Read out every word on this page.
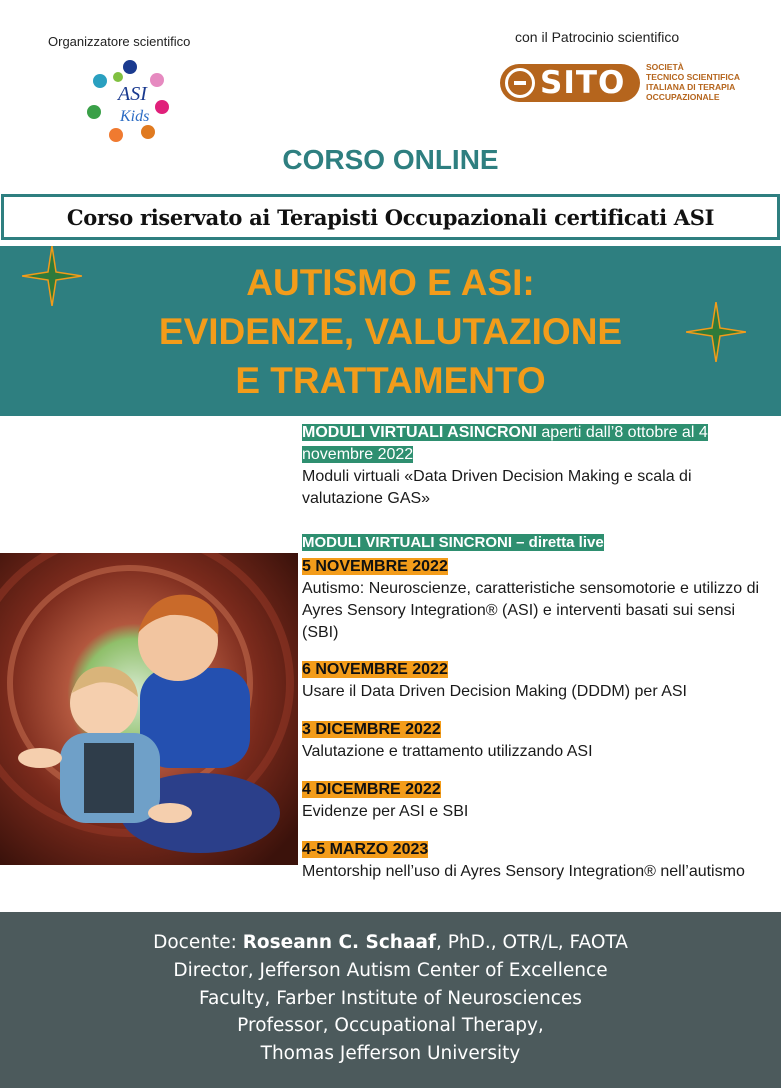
Organizzatore scientifico	con il Patrocinio scientifico
ASI
Kids
SITO SOCIETÀ
TECNICO SCIENTIFICA
ITALIANA DI TERAPIA
OCCUPAZIONALE
CORSO ONLINE
Corso riservato ai Terapisti Occupazionali certificati ASI
AUTISMO E ASI:
EVIDENZE, VALUTAZIONE
E TRATTAMENTO
MODULI VIRTUALI ASINCRONI aperti dall’8 ottobre al 4 novembre 2022
Moduli virtuali «Data Driven Decision Making e scala di valutazione GAS»
MODULI VIRTUALI SINCRONI – diretta live
5 NOVEMBRE 2022
Autismo: Neuroscienze, caratteristiche sensomotorie e utilizzo di Ayres Sensory Integration® (ASI) e interventi basati sui sensi (SBI)
6 NOVEMBRE 2022
Usare il Data Driven Decision Making (DDDM) per ASI
3 DICEMBRE 2022
Valutazione e trattamento utilizzando ASI
4 DICEMBRE 2022
Evidenze per ASI e SBI
4-5 MARZO 2023
Mentorship nell’uso di Ayres Sensory Integration® nell’autismo
Docente: Roseann C. Schaaf, PhD., OTR/L, FAOTA
Director, Jefferson Autism Center of Excellence
Faculty, Farber Institute of Neurosciences
Professor, Occupational Therapy,
Thomas Jefferson University
